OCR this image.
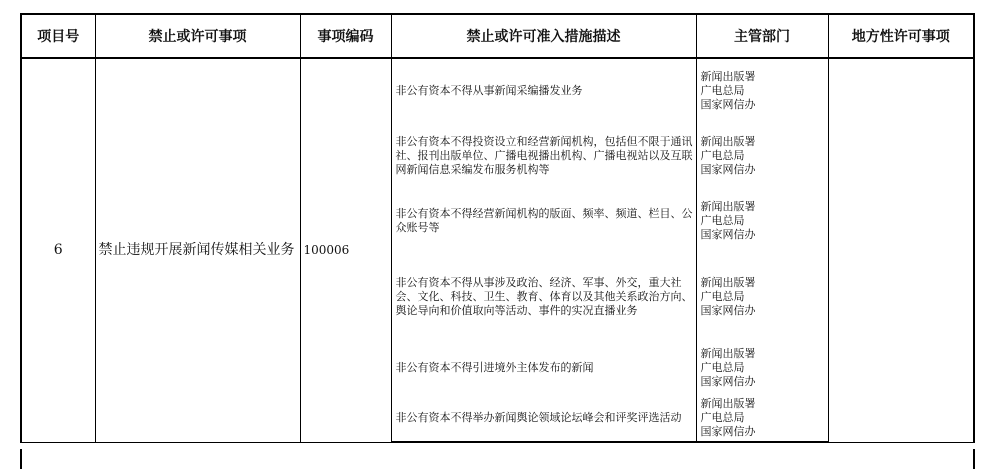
项目号	禁止或许可事项	事项编码	禁止或许可准入措施描述	主管部门	地方性许可事项
6	禁止违规开展新闻传媒相关业务	100006	非公有资本不得从事新闻采编播发业务	新闻出版署
广电总局
国家网信办	

			非公有资本不得投资设立和经营新闻机构，包括但不限于通讯社、报刊出版单位、广播电视播出机构、广播电视站以及互联网新闻信息采编发布服务机构等	新闻出版署
广电总局
国家网信办	

			非公有资本不得经营新闻机构的版面、频率、频道、栏目、公众账号等	新闻出版署
广电总局
国家网信办	

			非公有资本不得从事涉及政治、经济、军事、外交，重大社会、文化、科技、卫生、教育、体育以及其他关系政治方向、舆论导向和价值取向等活动、事件的实况直播业务	新闻出版署
广电总局
国家网信办	

			非公有资本不得引进境外主体发布的新闻	新闻出版署
广电总局
国家网信办	

			非公有资本不得举办新闻舆论领域论坛峰会和评奖评选活动	新闻出版署
广电总局
国家网信办	
